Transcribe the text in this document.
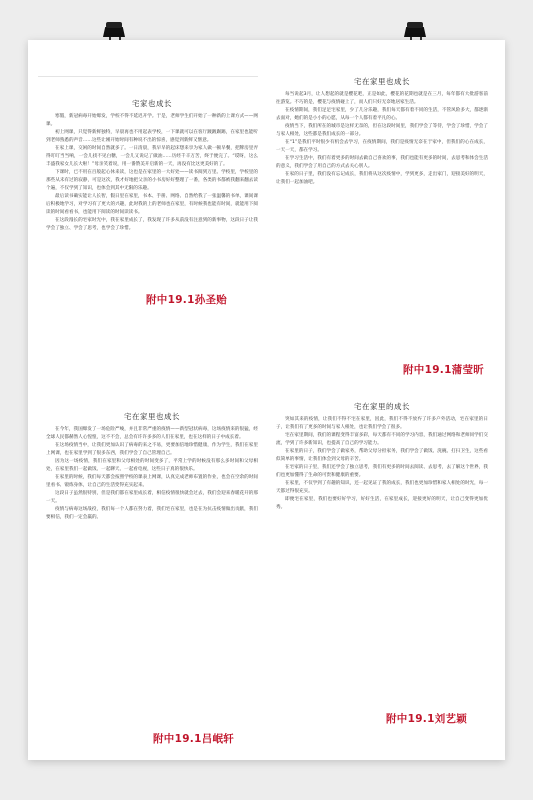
宅家也成长

寒假，新冠病毒开始爆发，学校不得不延迟开学。于是，老师学生们开始了一种新的上课方式——网课。

初上网课，只觉得新鲜独特，早晨再也不用起表学校，一下课就可以在客厅踱踱踢踢，在家里也能听到老师熟悉的声音……这些让刚开始时间有种说不出的惊喜，感觉到新鲜又惬意。

在家上课，交闲的时间自然就多了。一日清晨，我早早的起床想来享为家人做一顿早餐，把牌房里弄得叮叮当当响，一会儿找不见白糖，一会儿又说记了做油……历经千辛万苦，终于便完了。“哎呀，这么丰盛我家女儿长大啦！”母亲笑着说，用一番赞美开启新的一天，再没有比这更美好的了。

下课时，已不用在百般起心休来读，这也是在家里的一大好处——读书阅到万里。学校里，学校里的那些从未有过的寂静，可是这次，我才好地把父亲的小书房好好整理了一番，各类的书都被我翻来翻去读个遍，不仅学到了知识，也体会到其中无限的乐趣。

最后读书确实能让人长智，假日里在家里，书本、手册、网络、自然给我了一张温馨的书单，课间课后积极地学习，对学习有了更大的兴趣，此时我的上的老师也在家里，有时候我也能有时间，就能用下阅读的时间看看书，也能用下阅读的时间读读书。

在这段漫长的宅家时光中，我在家里成长了，我发现了许多从前没有注意到的新事物，这段日子让我学会了独立、学会了思考，也学会了珍惜。

附中19.1孙圣贻
宅在家里也成长

每当说起3月，让人想起的就是樱花吧，正是如此，樱花的花期也就是在三月，每年都有大批游客前往游览。不巧的是，樱花与疫情碰上了，而人们只好无奈地居家生活。

在疫情期间，我们足足宅家里，少了几分乐趣，我们每天都有着不同的生活，不管风险多大，都逐渐去面对，她们的是小小的心愿，从每一个人都有着平凡的心。

疫情当下，我们所在的城市是这样无奈的，但在这段时间里，我们学会了等待，学会了珍惜，学会了与家人相处，这些都是我们成长的一部分。

在“1”是我们平时很少有机会去学习，在疫情期间，我们是疫情无奈在于家中，但我们的心在成长，一天一天，都在学习。

在学习生活中，我们有着更多的时间去做自己喜欢的事，我们也能有更多的时间，去思考和体会生活的意义，我们学会了用自己的方式去关心别人。

在家的日子里，我们没有忘记成长，我们将从这次疫情中，学到更多，走出家门，迎接美好的明天，让我们一起加油吧。

附中19.1蒲莹昕
宅在家里也成长

在今年，我国爆发了一场危险严峻，并且非常严重的疫情——新型冠状病毒，这场疫情来的很猛，经全球人民都赫然人心惶惶，这不不会，总会有许许多多的人们在家里，也在这样的日子中成长着。

在这场疫情当中，让我们更加认识了病毒的来之不易，更要加倍地珍惜健康，作为学生，我们在家里上网课，也在家里学到了很多东西，我们学会了自己管理自己。

因为这一场疫情，我们在家里和父母相处的时间变多了，平常上学的时候没有那么多时间和父母相处，在家里我们一起做饭、一起聊天、一起看电视，这些日子真的很快乐。

在家里的时候，我们每天都会按照学校的课表上网课，认真完成老师布置的作业，也会在空余的时间里看书、锻炼身体，让自己的生活变得充实起来。

这段日子虽然很特别，但是我们都在家里成长着，相信疫情很快就会过去，我们会迎来春暖花开的那一天。

疫情与病毒这场战役，我们每一个人都在努力着，我们宅在家里，也是在为抗击疫情做出贡献，我们要相信，我们一定会赢的。

附中19.1吕岷轩
宅在家里的成长

突如其来的疫情，让我们不得不宅在家里，因此，我们不得不放弃了许多户外活动，宅在家里的日子，让我们有了更多的时间与家人相处，也让我们学会了很多。

宅在家里期间，我们的课程变得丰富多彩，每天都有不同的学习内容，我们通过网络和老师同学们交流，学到了许多新知识，也提高了自己的学习能力。

在家里的日子，我们学会了做家务，帮助父母分担家务，我们学会了做饭、洗碗、打扫卫生，这些看似简单的事情，让我们体会到父母的辛苦。

在宅家的日子里，我们还学会了独立思考，我们有更多的时间去阅读、去思考，去了解这个世界，我们也更加懂得了生命的可贵和健康的重要。

在家里，不仅学到了有趣的知识，还一起见证了我的成长，我们也更加珍惜和家人相处的时光，每一天都过得很充实。

即便宅在家里，我们也要好好学习，好好生活，在家里成长，迎接更好的明天，让自己变得更加优秀。

附中19.1刘艺颖
